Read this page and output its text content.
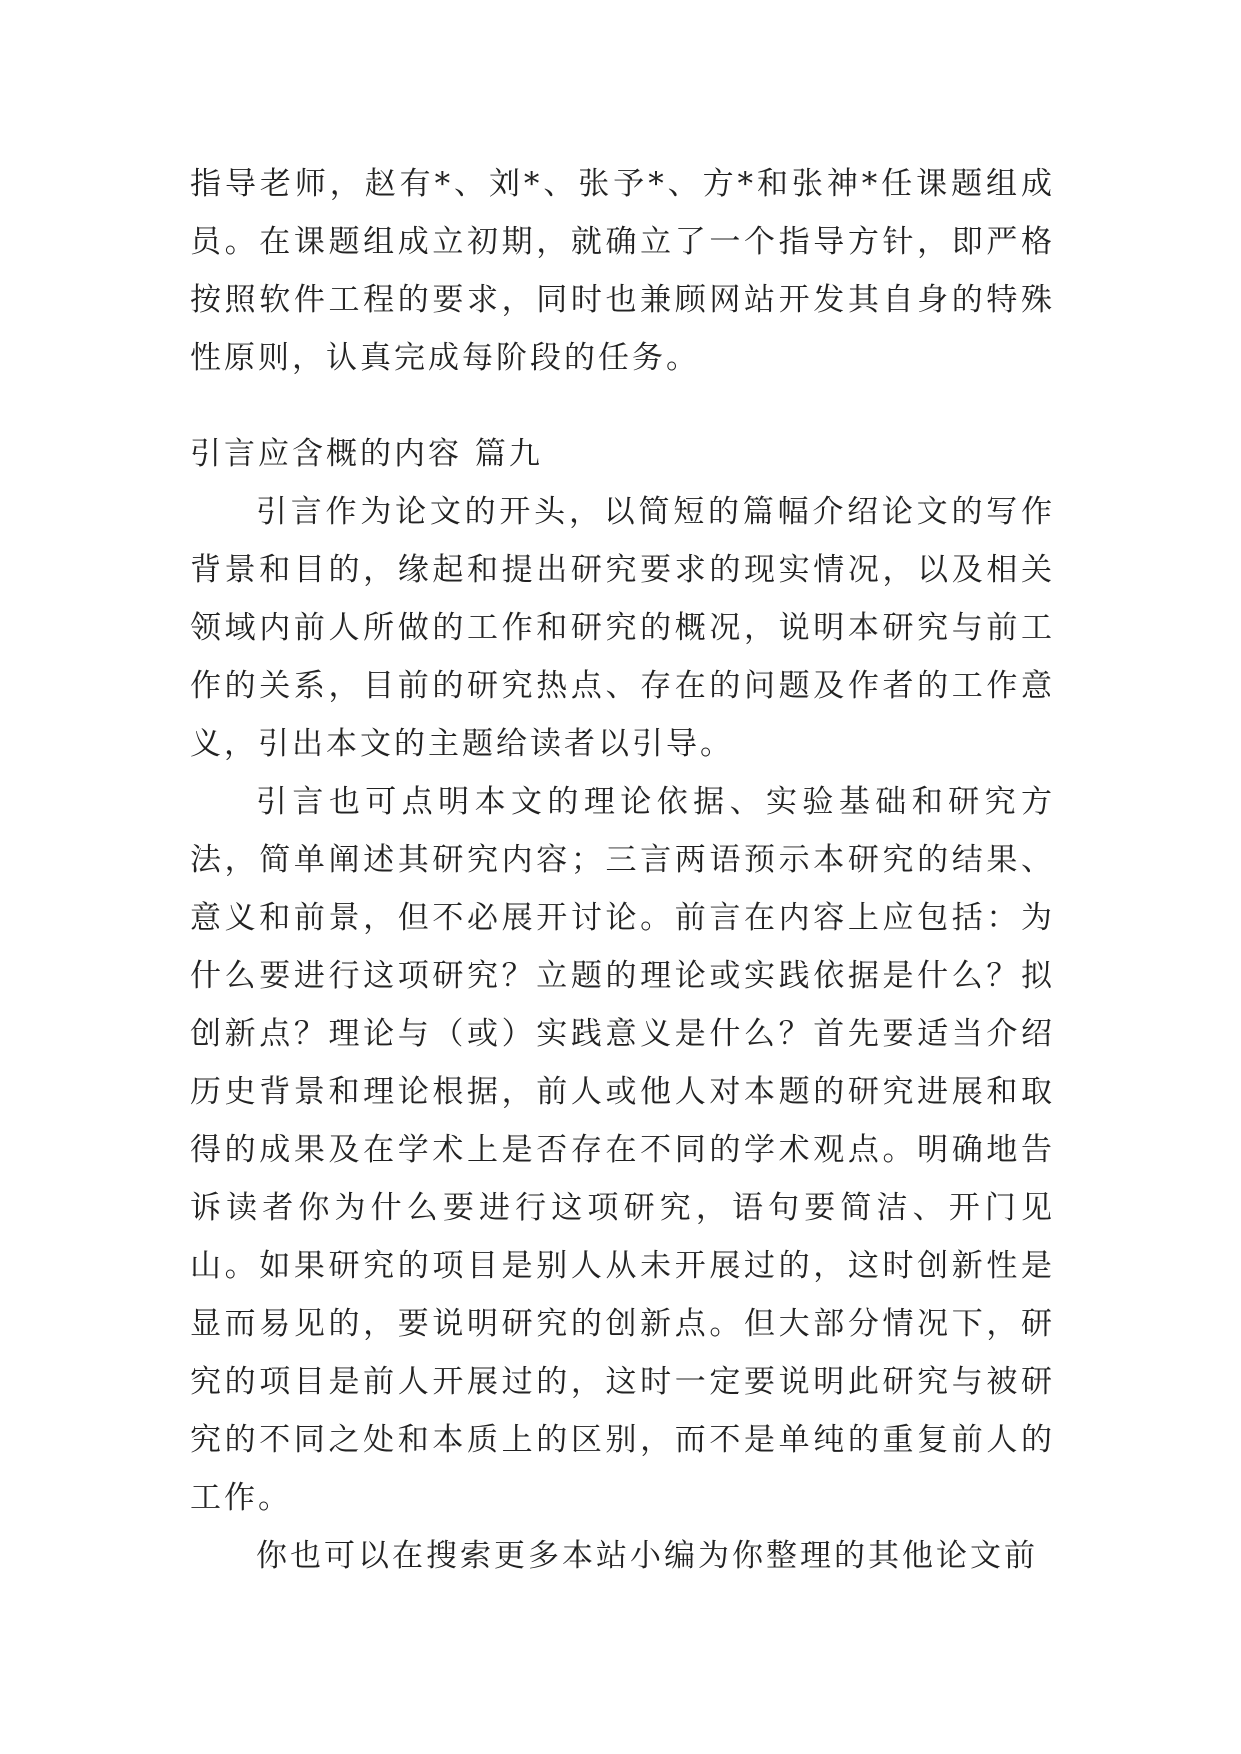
指导老师，赵有*、刘*、张予*、方*和张神*任课题组成员。在课题组成立初期，就确立了一个指导方针，即严格按照软件工程的要求，同时也兼顾网站开发其自身的特殊性原则，认真完成每阶段的任务。

引言应含概的内容 篇九

引言作为论文的开头，以简短的篇幅介绍论文的写作背景和目的，缘起和提出研究要求的现实情况，以及相关领域内前人所做的工作和研究的概况，说明本研究与前工作的关系，目前的研究热点、存在的问题及作者的工作意义，引出本文的主题给读者以引导。

引言也可点明本文的理论依据、实验基础和研究方法，简单阐述其研究内容；三言两语预示本研究的结果、意义和前景，但不必展开讨论。前言在内容上应包括：为什么要进行这项研究？立题的理论或实践依据是什么？拟创新点？理论与（或）实践意义是什么？首先要适当介绍历史背景和理论根据，前人或他人对本题的研究进展和取得的成果及在学术上是否存在不同的学术观点。明确地告诉读者你为什么要进行这项研究，语句要简洁、开门见山。如果研究的项目是别人从未开展过的，这时创新性是显而易见的，要说明研究的创新点。但大部分情况下，研究的项目是前人开展过的，这时一定要说明此研究与被研究的不同之处和本质上的区别，而不是单纯的重复前人的工作。

你也可以在搜索更多本站小编为你整理的其他论文前
